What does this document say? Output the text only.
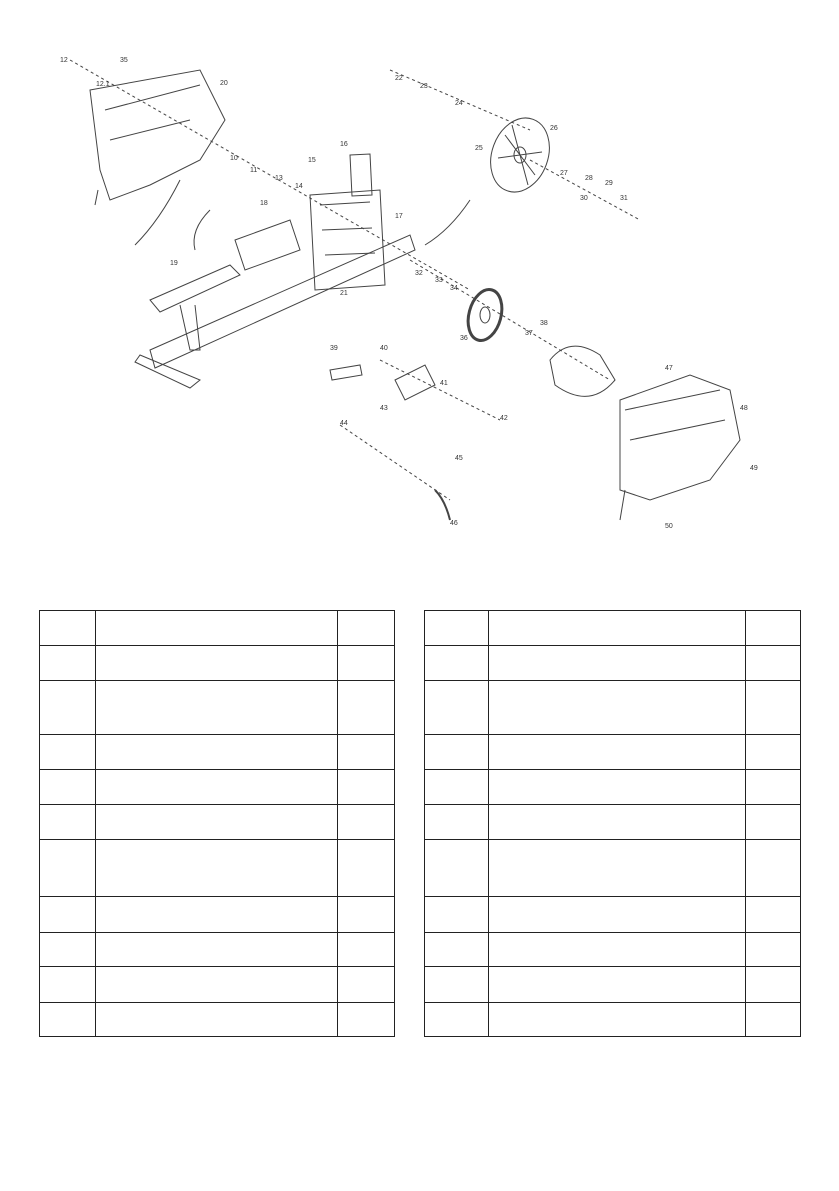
12
12.1
35
20
10
11
13
14
15
16
17
18
19
21
22
23
24
25
26
27
28
29
30	31
32
33
34
36
37
38
39	40
41
42
43
44
45
46
47
48
49
50
